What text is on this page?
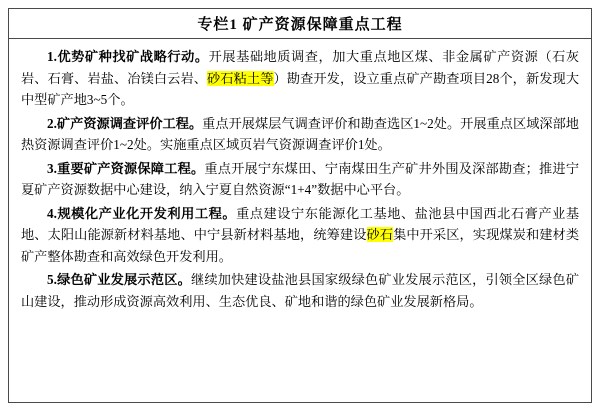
专栏1 矿产资源保障重点工程
1.优势矿种找矿战略行动。开展基础地质调查，加大重点地区煤、非金属矿产资源（石灰岩、石膏、岩盐、冶镁白云岩、砂石粘土等）勘查开发，设立重点矿产勘查项目28个，新发现大中型矿产地3~5个。
2.矿产资源调查评价工程。重点开展煤层气调查评价和勘查选区1~2处。开展重点区域深部地热资源调查评价1~2处。实施重点区域页岩气资源调查评价1处。
3.重要矿产资源保障工程。重点开展宁东煤田、宁南煤田生产矿井外围及深部勘查；推进宁夏矿产资源数据中心建设，纳入宁夏自然资源“1+4”数据中心平台。
4.规模化产业化开发利用工程。重点建设宁东能源化工基地、盐池县中国西北石膏产业基地、太阳山能源新材料基地、中宁县新材料基地，统筹建设砂石集中开采区，实现煤炭和建材类矿产整体勘查和高效绿色开发利用。
5.绿色矿业发展示范区。继续加快建设盐池县国家级绿色矿业发展示范区，引领全区绿色矿山建设，推动形成资源高效利用、生态优良、矿地和谐的绿色矿业发展新格局。
